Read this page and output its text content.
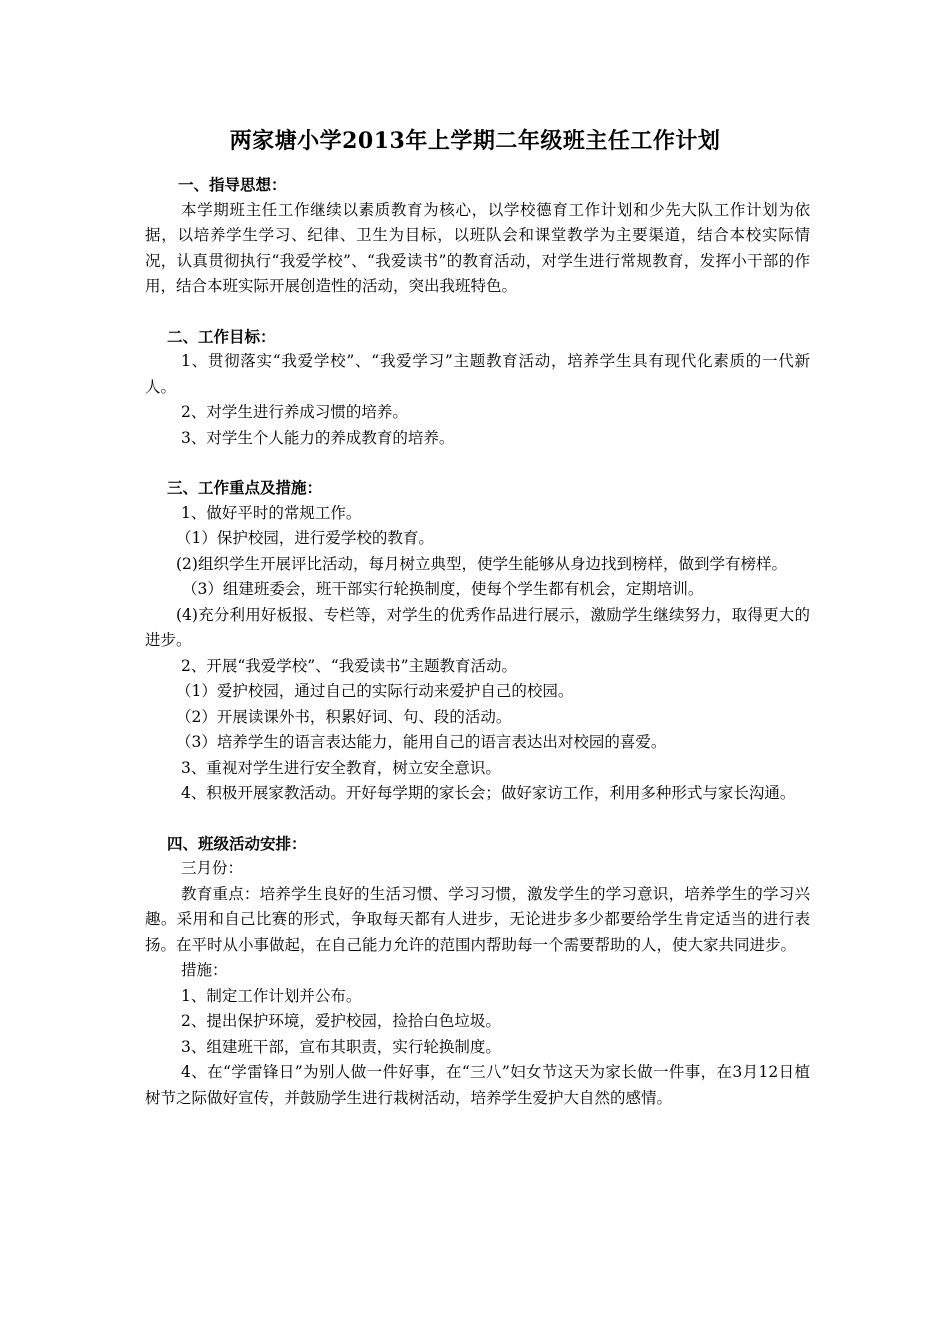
两家塘小学2013年上学期二年级班主任工作计划
一、指导思想：

本学期班主任工作继续以素质教育为核心，以学校德育工作计划和少先大队工作计划为依据，以培养学生学习、纪律、卫生为目标，以班队会和课堂教学为主要渠道，结合本校实际情况，认真贯彻执行“我爱学校”、“我爱读书”的教育活动，对学生进行常规教育，发挥小干部的作用，结合本班实际开展创造性的活动，突出我班特色。

二、工作目标：

1、贯彻落实“我爱学校”、“我爱学习”主题教育活动，培养学生具有现代化素质的一代新人。

2、对学生进行养成习惯的培养。

3、对学生个人能力的养成教育的培养。

三、工作重点及措施：

1、做好平时的常规工作。

（1）保护校园，进行爱学校的教育。

(2)组织学生开展评比活动，每月树立典型，使学生能够从身边找到榜样，做到学有榜样。

（3）组建班委会，班干部实行轮换制度，使每个学生都有机会，定期培训。

(4)充分利用好板报、专栏等，对学生的优秀作品进行展示，激励学生继续努力，取得更大的进步。

2、开展“我爱学校”、“我爱读书”主题教育活动。

（1）爱护校园，通过自己的实际行动来爱护自己的校园。

（2）开展读课外书，积累好词、句、段的活动。

（3）培养学生的语言表达能力，能用自己的语言表达出对校园的喜爱。

3、重视对学生进行安全教育，树立安全意识。

4、积极开展家教活动。开好每学期的家长会；做好家访工作，利用多种形式与家长沟通。

四、班级活动安排：

三月份：

教育重点：培养学生良好的生活习惯、学习习惯，激发学生的学习意识，培养学生的学习兴趣。采用和自己比赛的形式，争取每天都有人进步，无论进步多少都要给学生肯定适当的进行表扬。在平时从小事做起，在自己能力允许的范围内帮助每一个需要帮助的人，使大家共同进步。

措施：

1、制定工作计划并公布。

2、提出保护环境，爱护校园，捡拾白色垃圾。

3、组建班干部，宣布其职责，实行轮换制度。

4、在“学雷锋日”为别人做一件好事，在“三八”妇女节这天为家长做一件事，在3月12日植树节之际做好宣传，并鼓励学生进行栽树活动，培养学生爱护大自然的感情。
